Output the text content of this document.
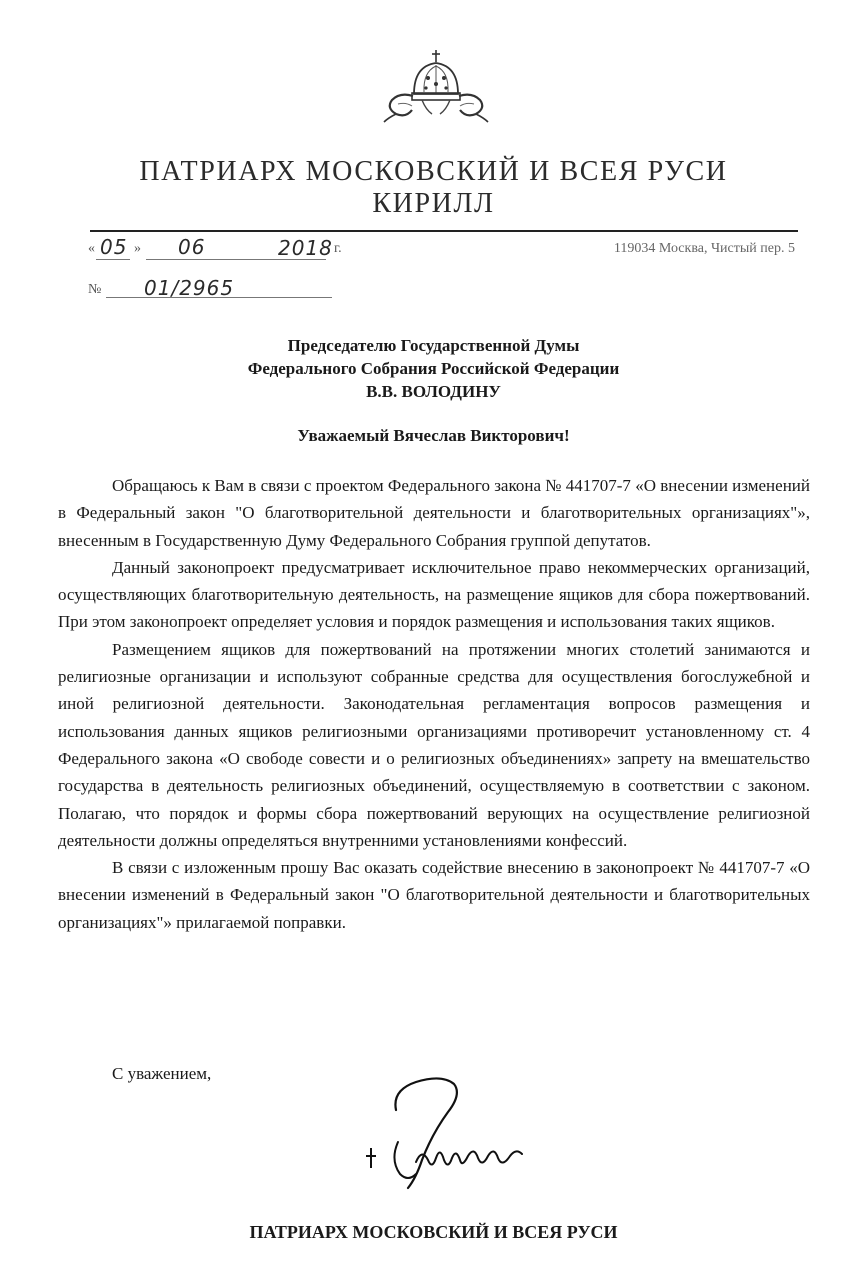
ПАТРИАРХ МОСКОВСКИЙ И ВСЕЯ РУСИ
КИРИЛЛ
« 05 » 06	2018 г.	119034 Москва, Чистый пер. 5
№ 01/2965
Председателю Государственной Думы
Федерального Собрания Российской Федерации
В.В. ВОЛОДИНУ
Уважаемый Вячеслав Викторович!

Обращаюсь к Вам в связи с проектом Федерального закона № 441707-7 «О внесении изменений в Федеральный закон "О благотворительной деятельности и благотворительных организациях"», внесенным в Государственную Думу Федерального Собрания группой депутатов.

Данный законопроект предусматривает исключительное право некоммерческих организаций, осуществляющих благотворительную деятельность, на размещение ящиков для сбора пожертвований. При этом законопроект определяет условия и порядок размещения и использования таких ящиков.

Размещением ящиков для пожертвований на протяжении многих столетий занимаются и религиозные организации и используют собранные средства для осуществления богослужебной и иной религиозной деятельности. Законодательная регламентация вопросов размещения и использования данных ящиков религиозными организациями противоречит установленному ст. 4 Федерального закона «О свободе совести и о религиозных объединениях» запрету на вмешательство государства в деятельность религиозных объединений, осуществляемую в соответствии с законом. Полагаю, что порядок и формы сбора пожертвований верующих на осуществление религиозной деятельности должны определяться внутренними установлениями конфессий.

В связи с изложенным прошу Вас оказать содействие внесению в законопроект № 441707-7 «О внесении изменений в Федеральный закон "О благотворительной деятельности и благотворительных организациях"» прилагаемой поправки.

С уважением,
ПАТРИАРХ МОСКОВСКИЙ И ВСЕЯ РУСИ
